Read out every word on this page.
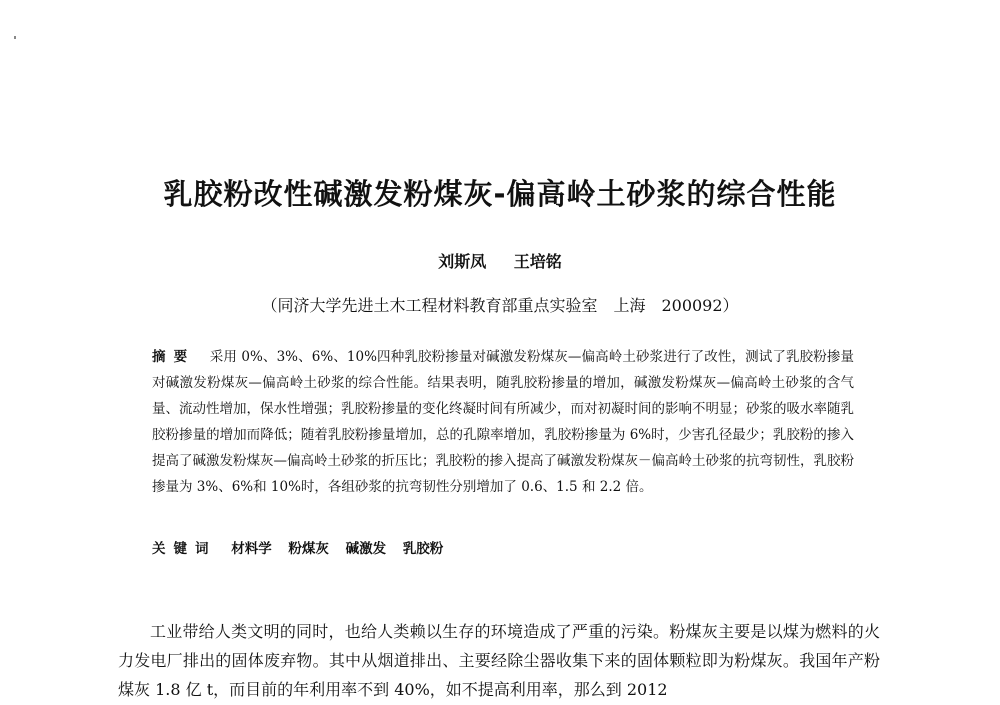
乳胶粉改性碱激发粉煤灰-偏高岭土砂浆的综合性能
刘斯凤 王培铭
（同济大学先进土木工程材料教育部重点实验室　上海　200092）

摘要 采用 0%、3%、6%、10%四种乳胶粉掺量对碱激发粉煤灰—偏高岭土砂浆进行了改性，测试了乳胶粉掺量对碱激发粉煤灰—偏高岭土砂浆的综合性能。结果表明，随乳胶粉掺量的增加，碱激发粉煤灰—偏高岭土砂浆的含气量、流动性增加，保水性增强；乳胶粉掺量的变化终凝时间有所减少，而对初凝时间的影响不明显；砂浆的吸水率随乳胶粉掺量的增加而降低；随着乳胶粉掺量增加，总的孔隙率增加，乳胶粉掺量为 6%时，少害孔径最少；乳胶粉的掺入提高了碱激发粉煤灰—偏高岭土砂浆的折压比；乳胶粉的掺入提高了碱激发粉煤灰－偏高岭土砂浆的抗弯韧性，乳胶粉掺量为 3%、6%和 10%时，各组砂浆的抗弯韧性分别增加了 0.6、1.5 和 2.2 倍。

关键词 材料学 粉煤灰 碱激发 乳胶粉

工业带给人类文明的同时，也给人类赖以生存的环境造成了严重的污染。粉煤灰主要是以煤为燃料的火力发电厂排出的固体废弃物。其中从烟道排出、主要经除尘器收集下来的固体颗粒即为粉煤灰。我国年产粉煤灰 1.8 亿 t，而目前的年利用率不到 40%，如不提高利用率，那么到 2012
